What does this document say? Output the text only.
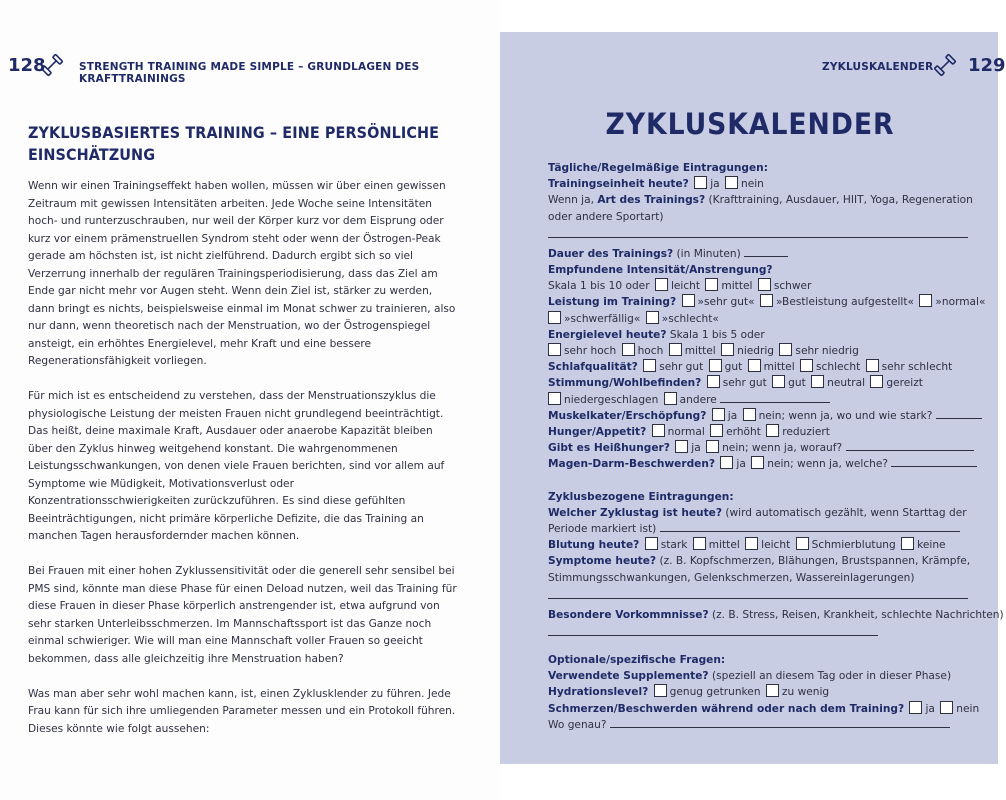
128	STRENGTH TRAINING MADE SIMPLE – GRUNDLAGEN DES KRAFTTRAININGS
ZYKLUSBASIERTES TRAINING – EINE PERSÖNLICHE EINSCHÄTZUNG

Wenn wir einen Trainingseffekt haben wollen, müssen wir über einen gewissen Zeitraum mit gewissen Intensitäten arbeiten. Jede Woche seine Intensitäten hoch- und runterzuschrauben, nur weil der Körper kurz vor dem Eisprung oder kurz vor einem prämenstruellen Syndrom steht oder wenn der Östrogen-Peak gerade am höchsten ist, ist nicht zielführend. Dadurch ergibt sich so viel Verzerrung innerhalb der regulären Trainingsperiodisierung, dass das Ziel am Ende gar nicht mehr vor Augen steht. Wenn dein Ziel ist, stärker zu werden, dann bringt es nichts, beispielsweise einmal im Monat schwer zu trainieren, also nur dann, wenn theoretisch nach der Menstruation, wo der Östrogenspiegel ansteigt, ein erhöhtes Energielevel, mehr Kraft und eine bessere Regenerationsfähigkeit vorliegen.

Für mich ist es entscheidend zu verstehen, dass der Menstruationszyklus die physiologische Leistung der meisten Frauen nicht grundlegend beeinträchtigt. Das heißt, deine maximale Kraft, Ausdauer oder anaerobe Kapazität bleiben über den Zyklus hinweg weitgehend konstant. Die wahrgenommenen Leistungsschwankungen, von denen viele Frauen berichten, sind vor allem auf Symptome wie Müdigkeit, Motivationsverlust oder Konzentrationsschwierigkeiten zurückzuführen. Es sind diese gefühlten Beeinträchtigungen, nicht primäre körperliche Defizite, die das Training an manchen Tagen herausfordernder machen können.

Bei Frauen mit einer hohen Zyklussensitivität oder die generell sehr sensibel bei PMS sind, könnte man diese Phase für einen Deload nutzen, weil das Training für diese Frauen in dieser Phase körperlich anstrengender ist, etwa aufgrund von sehr starken Unterleibsschmerzen. Im Mannschaftssport ist das Ganze noch einmal schwieriger. Wie will man eine Mannschaft voller Frauen so geeicht bekommen, dass alle gleichzeitig ihre Menstruation haben?

Was man aber sehr wohl machen kann, ist, einen Zyklusklender zu führen. Jede Frau kann für sich ihre umliegenden Parameter messen und ein Protokoll führen. Dieses könnte wie folgt aussehen:

ZYKLUSKALENDER 129
ZYKLUSKALENDER
Tägliche/Regelmäßige Eintragungen:
Trainingseinheit heute? ja nein
Wenn ja, Art des Trainings? (Krafttraining, Ausdauer, HIIT, Yoga, Regeneration oder andere Sportart)
Dauer des Trainings? (in Minuten)
Empfundene Intensität/Anstrengung?
Skala 1 bis 10 oder leicht mittel schwer
Leistung im Training? »sehr gut« »Bestleistung aufgestellt« »normal«
»schwerfällig« »schlecht«
Energielevel heute? Skala 1 bis 5 oder
sehr hoch hoch mittel niedrig sehr niedrig
Schlafqualität? sehr gut gut mittel schlecht sehr schlecht
Stimmung/Wohlbefinden? sehr gut gut neutral gereizt
niedergeschlagen andere
Muskelkater/Erschöpfung? ja nein; wenn ja, wo und wie stark?
Hunger/Appetit? normal erhöht reduziert
Gibt es Heißhunger? ja nein; wenn ja, worauf?
Magen-Darm-Beschwerden? ja nein; wenn ja, welche?
Zyklusbezogene Eintragungen:
Welcher Zyklustag ist heute? (wird automatisch gezählt, wenn Starttag der Periode markiert ist)
Blutung heute? stark mittel leicht Schmierblutung keine
Symptome heute? (z. B. Kopfschmerzen, Blähungen, Brustspannen, Krämpfe, Stimmungsschwankungen, Gelenkschmerzen, Wassereinlagerungen)
Besondere Vorkommnisse? (z. B. Stress, Reisen, Krankheit, schlechte Nachrichten)
Optionale/spezifische Fragen:
Verwendete Supplemente? (speziell an diesem Tag oder in dieser Phase)
Hydrationslevel? genug getrunken zu wenig
Schmerzen/Beschwerden während oder nach dem Training? ja nein
Wo genau?
